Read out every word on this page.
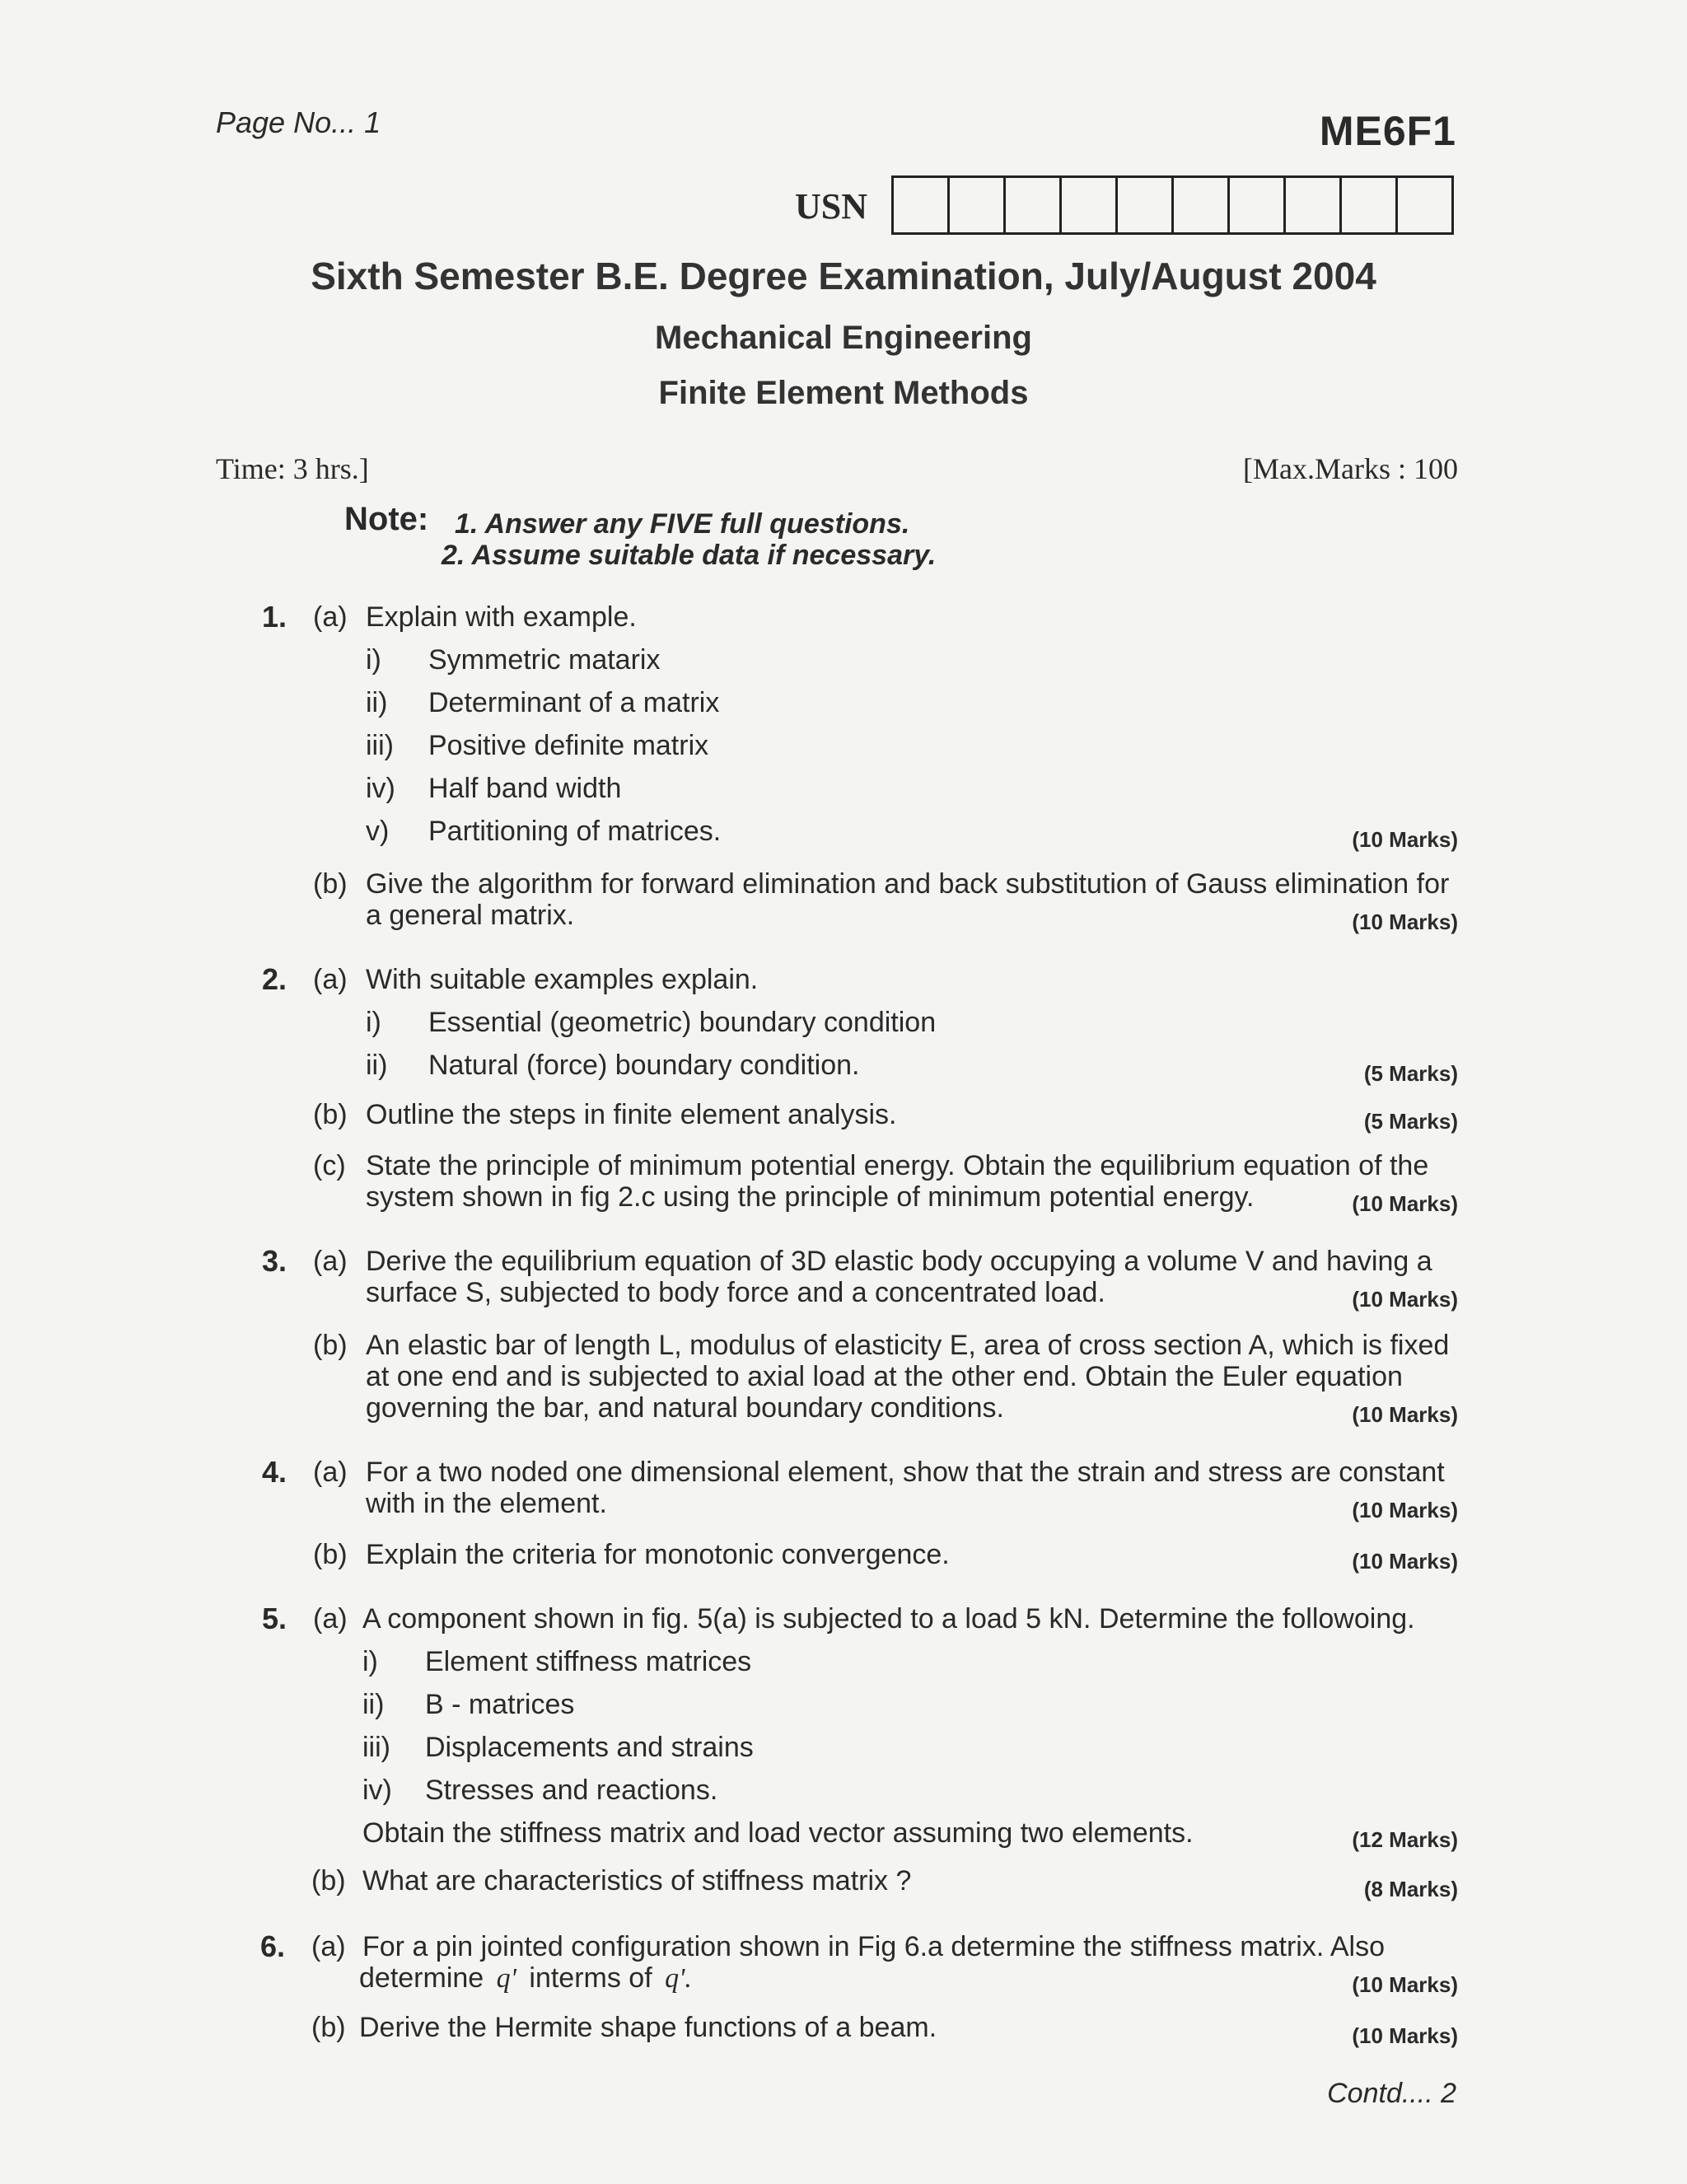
Page No... 1	ME6F1
USN
Sixth Semester B.E. Degree Examination, July/August 2004
Mechanical Engineering
Finite Element Methods
Time: 3 hrs.]	[Max.Marks : 100
Note: 1. Answer any FIVE full questions.
2. Assume suitable data if necessary.
1. (a) Explain with example.
i) Symmetric matarix
ii) Determinant of a matrix
iii) Positive definite matrix
iv) Half band width
v) Partitioning of matrices.	(10 Marks)
(b) Give the algorithm for forward elimination and back substitution of Gauss elimination for
a general matrix.	(10 Marks)
2. (a) With suitable examples explain.
i) Essential (geometric) boundary condition
ii) Natural (force) boundary condition.	(5 Marks)
(b) Outline the steps in finite element analysis.	(5 Marks)
(c) State the principle of minimum potential energy. Obtain the equilibrium equation of the
system shown in fig 2.c using the principle of minimum potential energy.	(10 Marks)
3. (a) Derive the equilibrium equation of 3D elastic body occupying a volume V and having a
surface S, subjected to body force and a concentrated load.	(10 Marks)
(b) An elastic bar of length L, modulus of elasticity E, area of cross section A, which is fixed
at one end and is subjected to axial load at the other end. Obtain the Euler equation
governing the bar, and natural boundary conditions.	(10 Marks)
4. (a) For a two noded one dimensional element, show that the strain and stress are constant
with in the element.	(10 Marks)
(b) Explain the criteria for monotonic convergence.	(10 Marks)
5. (a) A component shown in fig. 5(a) is subjected to a load 5 kN. Determine the followoing.
i) Element stiffness matrices
ii) B - matrices
iii) Displacements and strains
iv) Stresses and reactions.
Obtain the stiffness matrix and load vector assuming two elements.	(12 Marks)
(b) What are characteristics of stiffness matrix ?	(8 Marks)
6. (a) For a pin jointed configuration shown in Fig 6.a determine the stiffness matrix. Also
determine q' interms of q'.	(10 Marks)
(b) Derive the Hermite shape functions of a beam.	(10 Marks)
Contd.... 2
